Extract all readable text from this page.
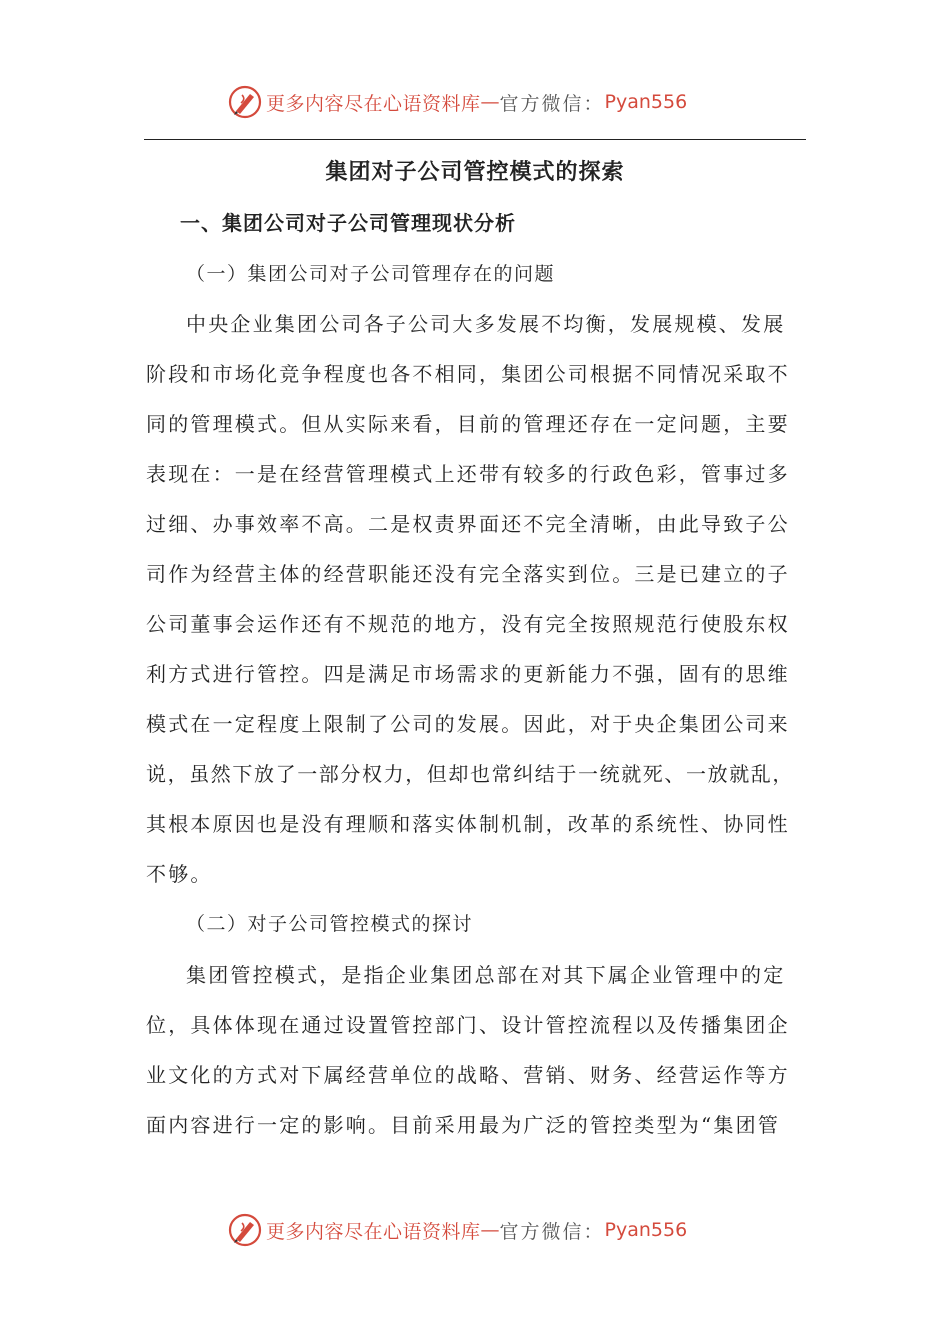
更多内容尽在心语资料库 — 官方微信： Pyan556
集团对子公司管控模式的探索
一、集团公司对子公司管理现状分析
（一）集团公司对子公司管理存在的问题
中央企业集团公司各子公司大多发展不均衡，发展规模、发展
阶段和市场化竞争程度也各不相同，集团公司根据不同情况采取不
同的管理模式。但从实际来看，目前的管理还存在一定问题，主要
表现在：一是在经营管理模式上还带有较多的行政色彩，管事过多
过细、办事效率不高。二是权责界面还不完全清晰，由此导致子公
司作为经营主体的经营职能还没有完全落实到位。三是已建立的子
公司董事会运作还有不规范的地方，没有完全按照规范行使股东权
利方式进行管控。四是满足市场需求的更新能力不强，固有的思维
模式在一定程度上限制了公司的发展。因此，对于央企集团公司来
说，虽然下放了一部分权力，但却也常纠结于一统就死、一放就乱，
其根本原因也是没有理顺和落实体制机制，改革的系统性、协同性
不够。
（二）对子公司管控模式的探讨
集团管控模式，是指企业集团总部在对其下属企业管理中的定
位，具体体现在通过设置管控部门、设计管控流程以及传播集团企
业文化的方式对下属经营单位的战略、营销、财务、经营运作等方
面内容进行一定的影响。目前采用最为广泛的管控类型为“集团管
更多内容尽在心语资料库 — 官方微信： Pyan556
